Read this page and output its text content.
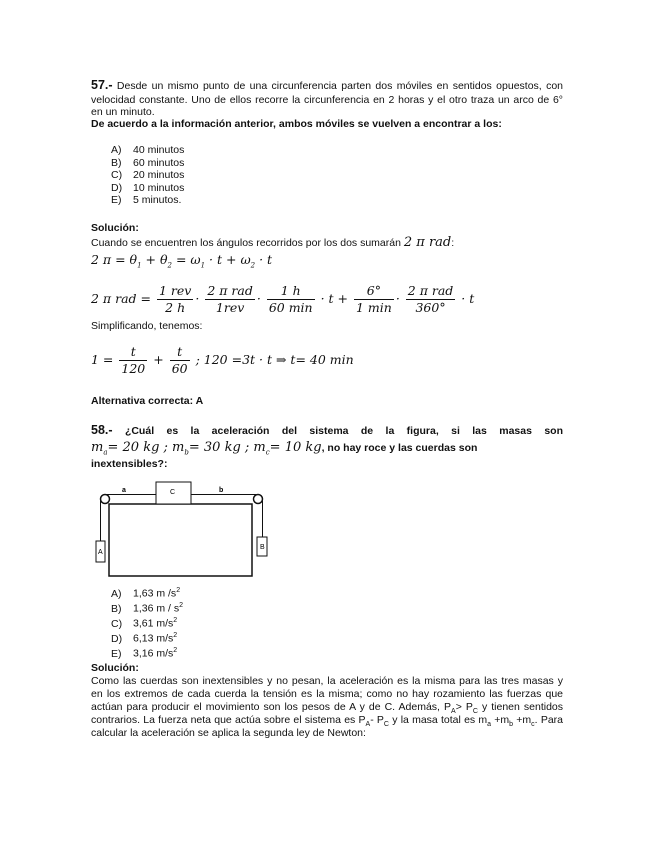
57.- Desde un mismo punto de una circunferencia parten dos móviles en sentidos opuestos, con
velocidad constante. Uno de ellos recorre la circunferencia en 2 horas y el otro traza un arco de 6°
en un minuto.
De acuerdo a la información anterior, ambos móviles se vuelven a encontrar a los:
A) 40 minutos
B) 60 minutos
C) 20 minutos
D) 10 minutos
E) 5 minutos.
Solución:
Cuando se encuentren los ángulos recorridos por los dos sumarán 2 π rad:
2 $\pi = \theta_1 + \theta_2 = \omega_1 \cdot t + \omega_2 \cdot t$
2 π rad = $\frac{\text{1 rev}}{2 h} \cdot \frac{\text{2 π rad}}{\text{1rev}} \cdot \frac{1 h}{60 \min} \cdot t + \frac{6^\circ}{1 \min} \cdot \frac{\text{2 π rad}}{360^\circ} \cdot t$
Simplificando, tenemos:
$1 = \frac{t}{120} + \frac{t}{60}$ ; 120 =3t · t ⇒ t= 40 min
Alternativa correcta: A
58.- ¿Cuál es la aceleración del sistema de la figura, si las masas son
$m_a= 20$ kg ; $m_b= 30$ kg ; $m_c= 10$ kg, no hay roce y las cuerdas son
inextensibles?:
a	C	b
A
B
A) 1,63 m $/s^2$
B) 1,36 m / $s^2$
C) 3,61 $m/s^2$
D) 6,13 $m/s^2$
E) 3,16 $m/s^2$
Solución:
Como las cuerdas son inextensibles y no pesan, la aceleración es la misma para las tres masas y
en los extremos de cada cuerda la tensión es la misma; como no hay rozamiento las fuerzas que
actúan para producir el movimiento son los pesos de A y de C. Además, $P_A> P_C$ y tienen sentidos
contrarios. La fuerza neta que actúa sobre el sistema es $P_A-$ $P_C$ y la masa total es $m_a +m_b +m_c$. Para
calcular la aceleración se aplica la segunda ley de Newton:
